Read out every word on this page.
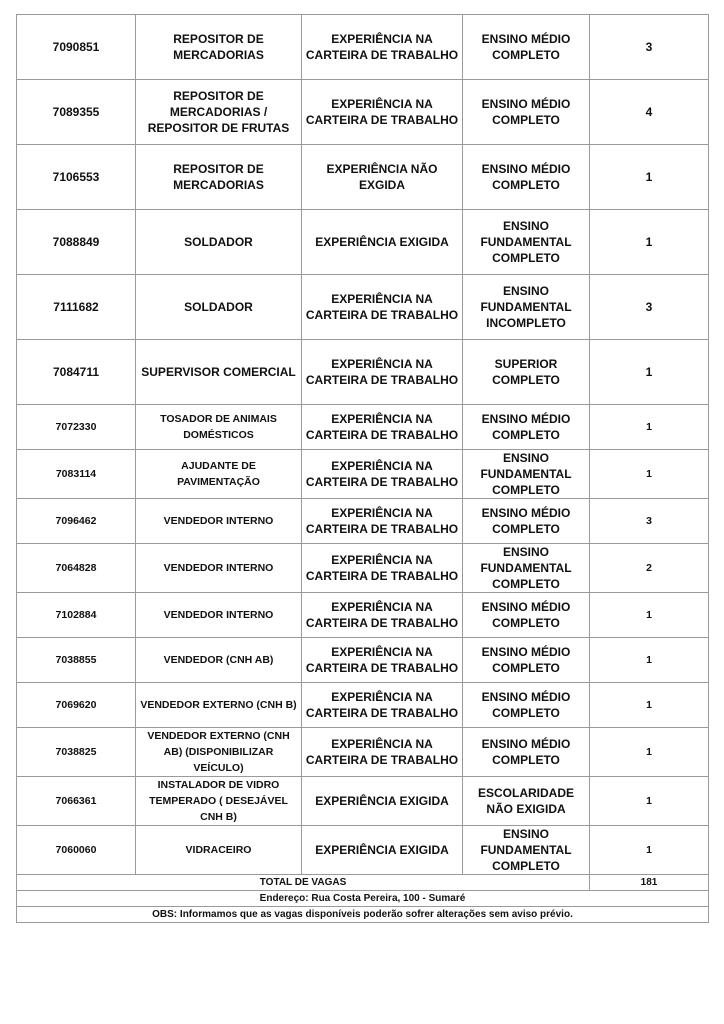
7090851	REPOSITOR DE MERCADORIAS	EXPERIÊNCIA NA CARTEIRA DE TRABALHO	ENSINO MÉDIO COMPLETO	3

7089355	REPOSITOR DE MERCADORIAS / REPOSITOR DE FRUTAS	EXPERIÊNCIA NA CARTEIRA DE TRABALHO	ENSINO MÉDIO COMPLETO	4

7106553	REPOSITOR DE MERCADORIAS	EXPERIÊNCIA NÃO EXGIDA	ENSINO MÉDIO COMPLETO	1

7088849	SOLDADOR	EXPERIÊNCIA EXIGIDA	ENSINO FUNDAMENTAL COMPLETO	1

7111682	SOLDADOR	EXPERIÊNCIA NA CARTEIRA DE TRABALHO	ENSINO FUNDAMENTAL INCOMPLETO	3

7084711	SUPERVISOR COMERCIAL	EXPERIÊNCIA NA CARTEIRA DE TRABALHO	SUPERIOR COMPLETO	1

7072330	TOSADOR DE ANIMAIS DOMÉSTICOS	EXPERIÊNCIA NA CARTEIRA DE TRABALHO	ENSINO MÉDIO COMPLETO	1

7083114	AJUDANTE DE PAVIMENTAÇÃO	EXPERIÊNCIA NA CARTEIRA DE TRABALHO	ENSINO FUNDAMENTAL COMPLETO	1

7096462	VENDEDOR INTERNO	EXPERIÊNCIA NA CARTEIRA DE TRABALHO	ENSINO MÉDIO COMPLETO	3

7064828	VENDEDOR INTERNO	EXPERIÊNCIA NA CARTEIRA DE TRABALHO	ENSINO FUNDAMENTAL COMPLETO	2

7102884	VENDEDOR INTERNO	EXPERIÊNCIA NA CARTEIRA DE TRABALHO	ENSINO MÉDIO COMPLETO	1

7038855	VENDEDOR (CNH AB)	EXPERIÊNCIA NA CARTEIRA DE TRABALHO	ENSINO MÉDIO COMPLETO	1

7069620	VENDEDOR EXTERNO (CNH B)	EXPERIÊNCIA NA CARTEIRA DE TRABALHO	ENSINO MÉDIO COMPLETO	1

7038825	VENDEDOR EXTERNO (CNH AB) (DISPONIBILIZAR VEÍCULO)	EXPERIÊNCIA NA CARTEIRA DE TRABALHO	ENSINO MÉDIO COMPLETO	1

7066361	INSTALADOR DE VIDRO TEMPERADO ( DESEJÁVEL CNH B)	EXPERIÊNCIA EXIGIDA	ESCOLARIDADE NÃO EXIGIDA	1

7060060	VIDRACEIRO	EXPERIÊNCIA EXIGIDA	ENSINO FUNDAMENTAL COMPLETO	1

TOTAL DE VAGAS				181
Endereço: Rua Costa Pereira, 100 - Sumaré				
OBS: Informamos que as vagas disponíveis poderão sofrer alterações sem aviso prévio.				
